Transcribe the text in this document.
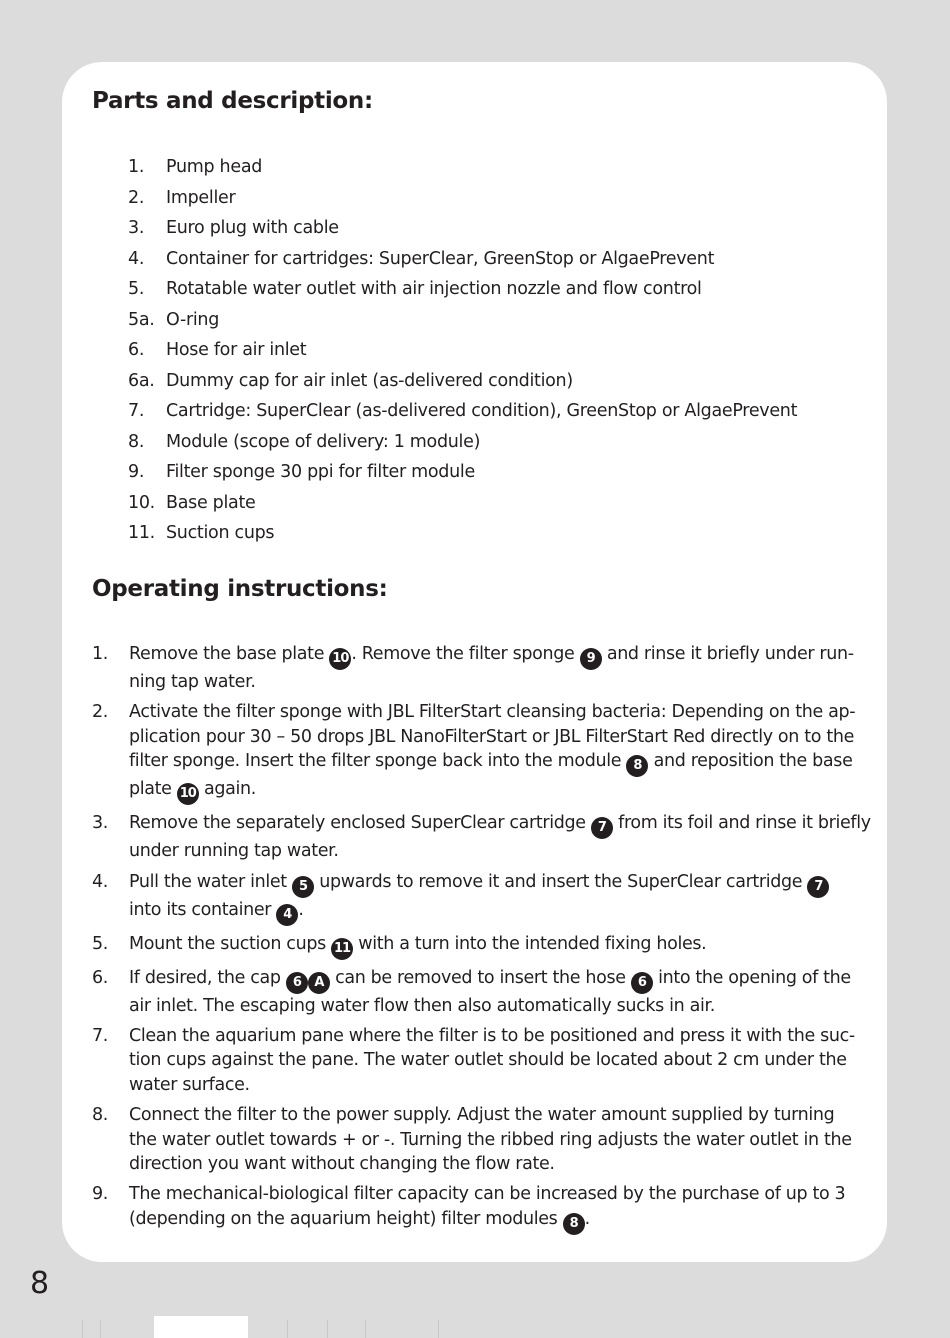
Parts and description:
1. Pump head
2. Impeller
3. Euro plug with cable
4. Container for cartridges: SuperClear, GreenStop or AlgaePrevent
5. Rotatable water outlet with air injection nozzle and flow control
5a. O-ring
6. Hose for air inlet
6a. Dummy cap for air inlet (as-delivered condition)
7. Cartridge: SuperClear (as-delivered condition), GreenStop or AlgaePrevent
8. Module (scope of delivery: 1 module)
9. Filter sponge 30 ppi for filter module
10. Base plate
11. Suction cups
Operating instructions:
1. Remove the base plate 10 . Remove the filter sponge 9 and rinse it briefly under run-
ning tap water.
2. Activate the filter sponge with JBL FilterStart cleansing bacteria: Depending on the ap-
plication pour 30 – 50 drops JBL NanoFilterStart or JBL FilterStart Red directly on to the
filter sponge. Insert the filter sponge back into the module 8 and reposition the base
plate 10 again.
3. Remove the separately enclosed SuperClear cartridge 7 from its foil and rinse it briefly
under running tap water.
4. Pull the water inlet 5 upwards to remove it and insert the SuperClear cartridge 7
into its container 4 .
5. Mount the suction cups 11 with a turn into the intended fixing holes.
6. If desired, the cap 6 A can be removed to insert the hose 6 into the opening of the
air inlet. The escaping water flow then also automatically sucks in air.
7. Clean the aquarium pane where the filter is to be positioned and press it with the suc-
tion cups against the pane. The water outlet should be located about 2 cm under the
water surface.
8. Connect the filter to the power supply. Adjust the water amount supplied by turning
the water outlet towards + or -. Turning the ribbed ring adjusts the water outlet in the
direction you want without changing the flow rate.
9. The mechanical-biological filter capacity can be increased by the purchase of up to 3
(depending on the aquarium height) filter modules 8 .
8
